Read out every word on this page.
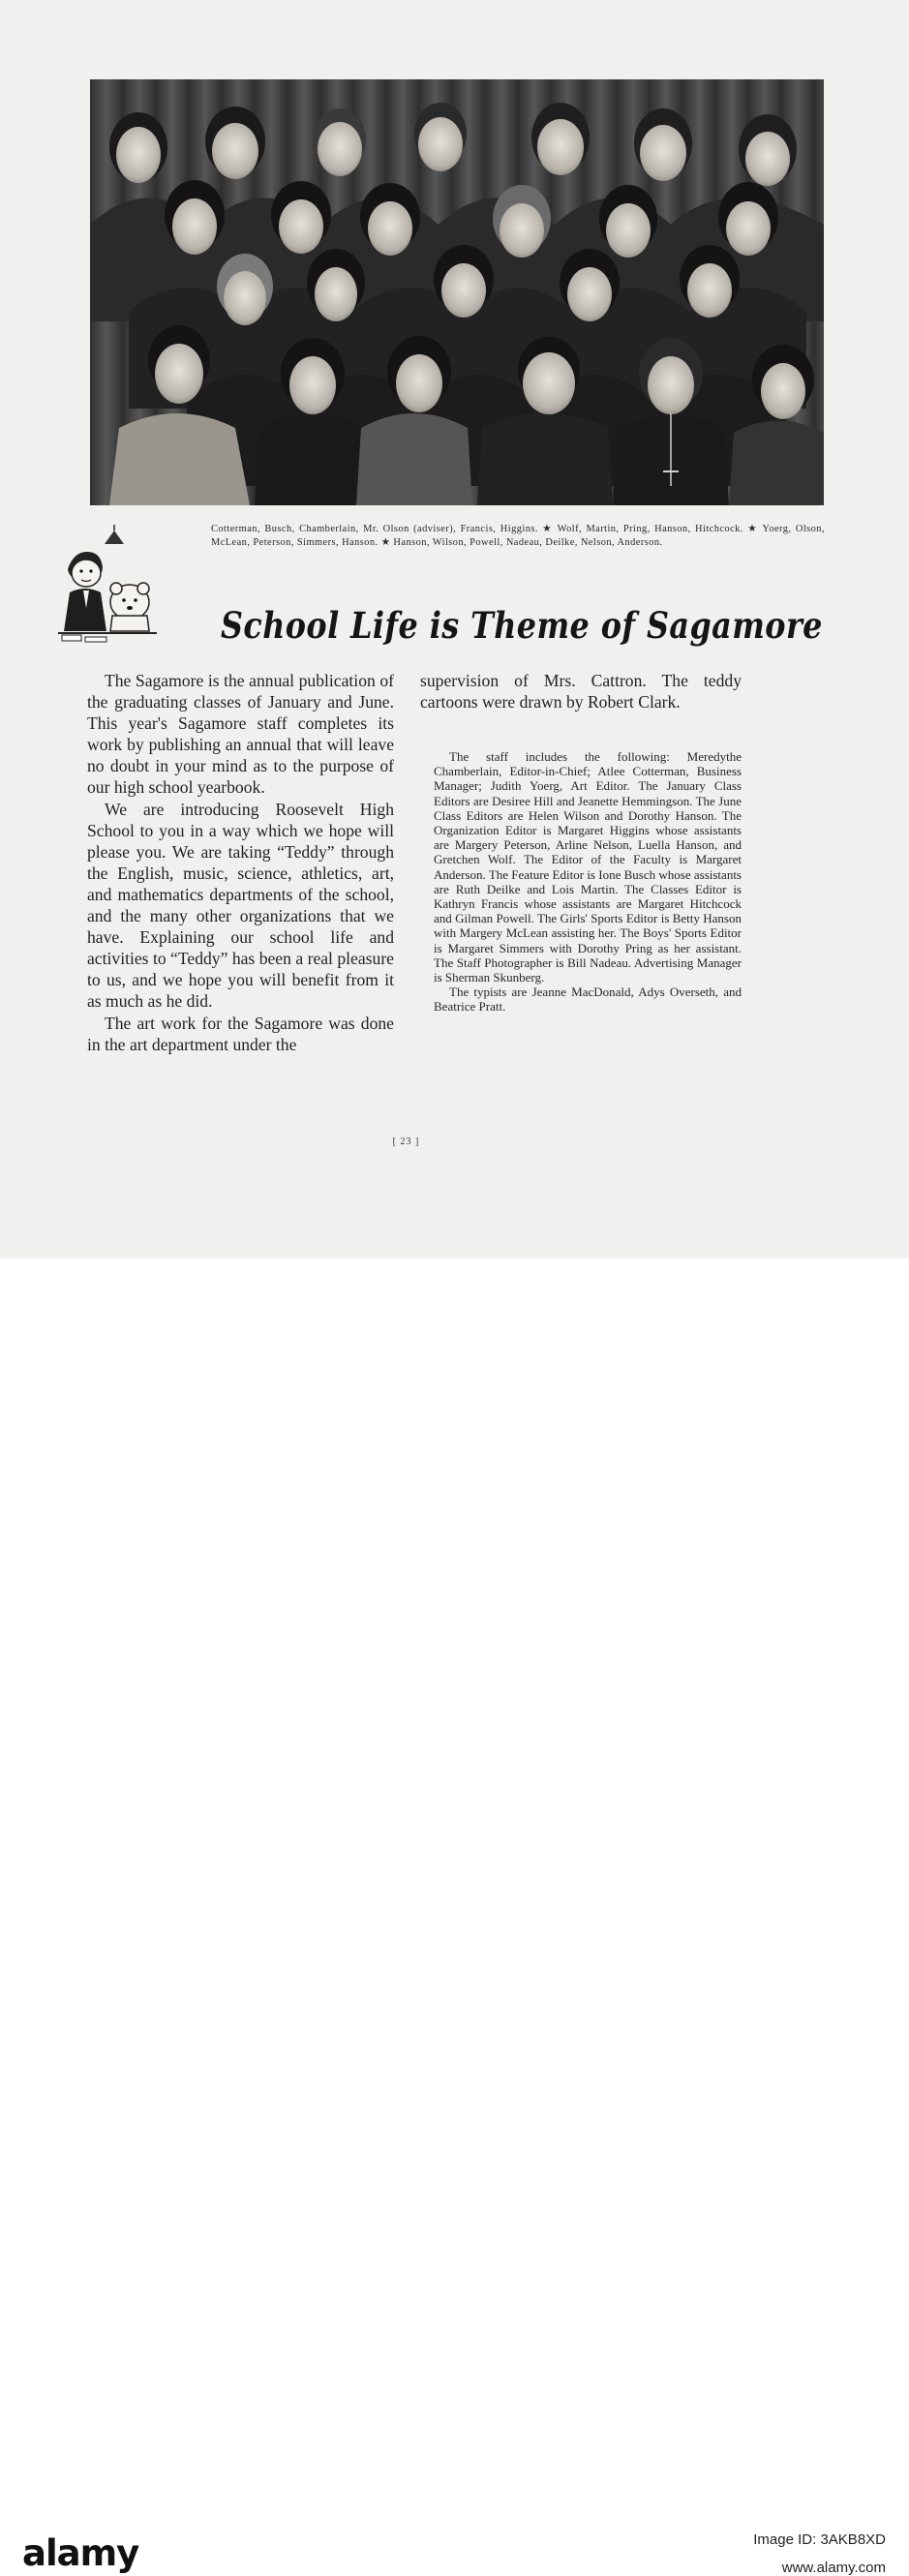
Cotterman, Busch, Chamberlain, Mr. Olson (adviser), Francis, Higgins. ★ Wolf, Martin, Pring, Hanson, Hitchcock. ★ Yoerg, Olson, McLean, Peterson, Simmers, Hanson. ★ Hanson, Wilson, Powell, Nadeau, Deilke, Nelson, Anderson.
School Life is Theme of Sagamore

The Sagamore is the annual publication of the graduating classes of January and June. This year's Sagamore staff completes its work by publishing an annual that will leave no doubt in your mind as to the purpose of our high school yearbook.

We are introducing Roosevelt High School to you in a way which we hope will please you. We are taking “Teddy” through the English, music, science, athletics, art, and mathematics departments of the school, and the many other organizations that we have. Explaining our school life and activities to “Teddy” has been a real pleasure to us, and we hope you will benefit from it as much as he did.

The art work for the Sagamore was done in the art department under the

supervision of Mrs. Cattron. The teddy cartoons were drawn by Robert Clark.

The staff includes the following: Meredythe Chamberlain, Editor-in-Chief; Atlee Cotterman, Business Manager; Judith Yoerg, Art Editor. The January Class Editors are Desiree Hill and Jeanette Hemmingson. The June Class Editors are Helen Wilson and Dorothy Hanson. The Organization Editor is Margaret Higgins whose assistants are Margery Peterson, Arline Nelson, Luella Hanson, and Gretchen Wolf. The Editor of the Faculty is Margaret Anderson. The Feature Editor is Ione Busch whose assistants are Ruth Deilke and Lois Martin. The Classes Editor is Kathryn Francis whose assistants are Margaret Hitchcock and Gilman Powell. The Girls' Sports Editor is Betty Hanson with Margery McLean assisting her. The Boys' Sports Editor is Margaret Simmers with Dorothy Pring as her assistant. The Staff Photographer is Bill Nadeau. Advertising Manager is Sherman Skunberg.

The typists are Jeanne MacDonald, Adys Overseth, and Beatrice Pratt.

[ 23 ]
alamy	Image ID: 3AKB8XD
www.alamy.com
